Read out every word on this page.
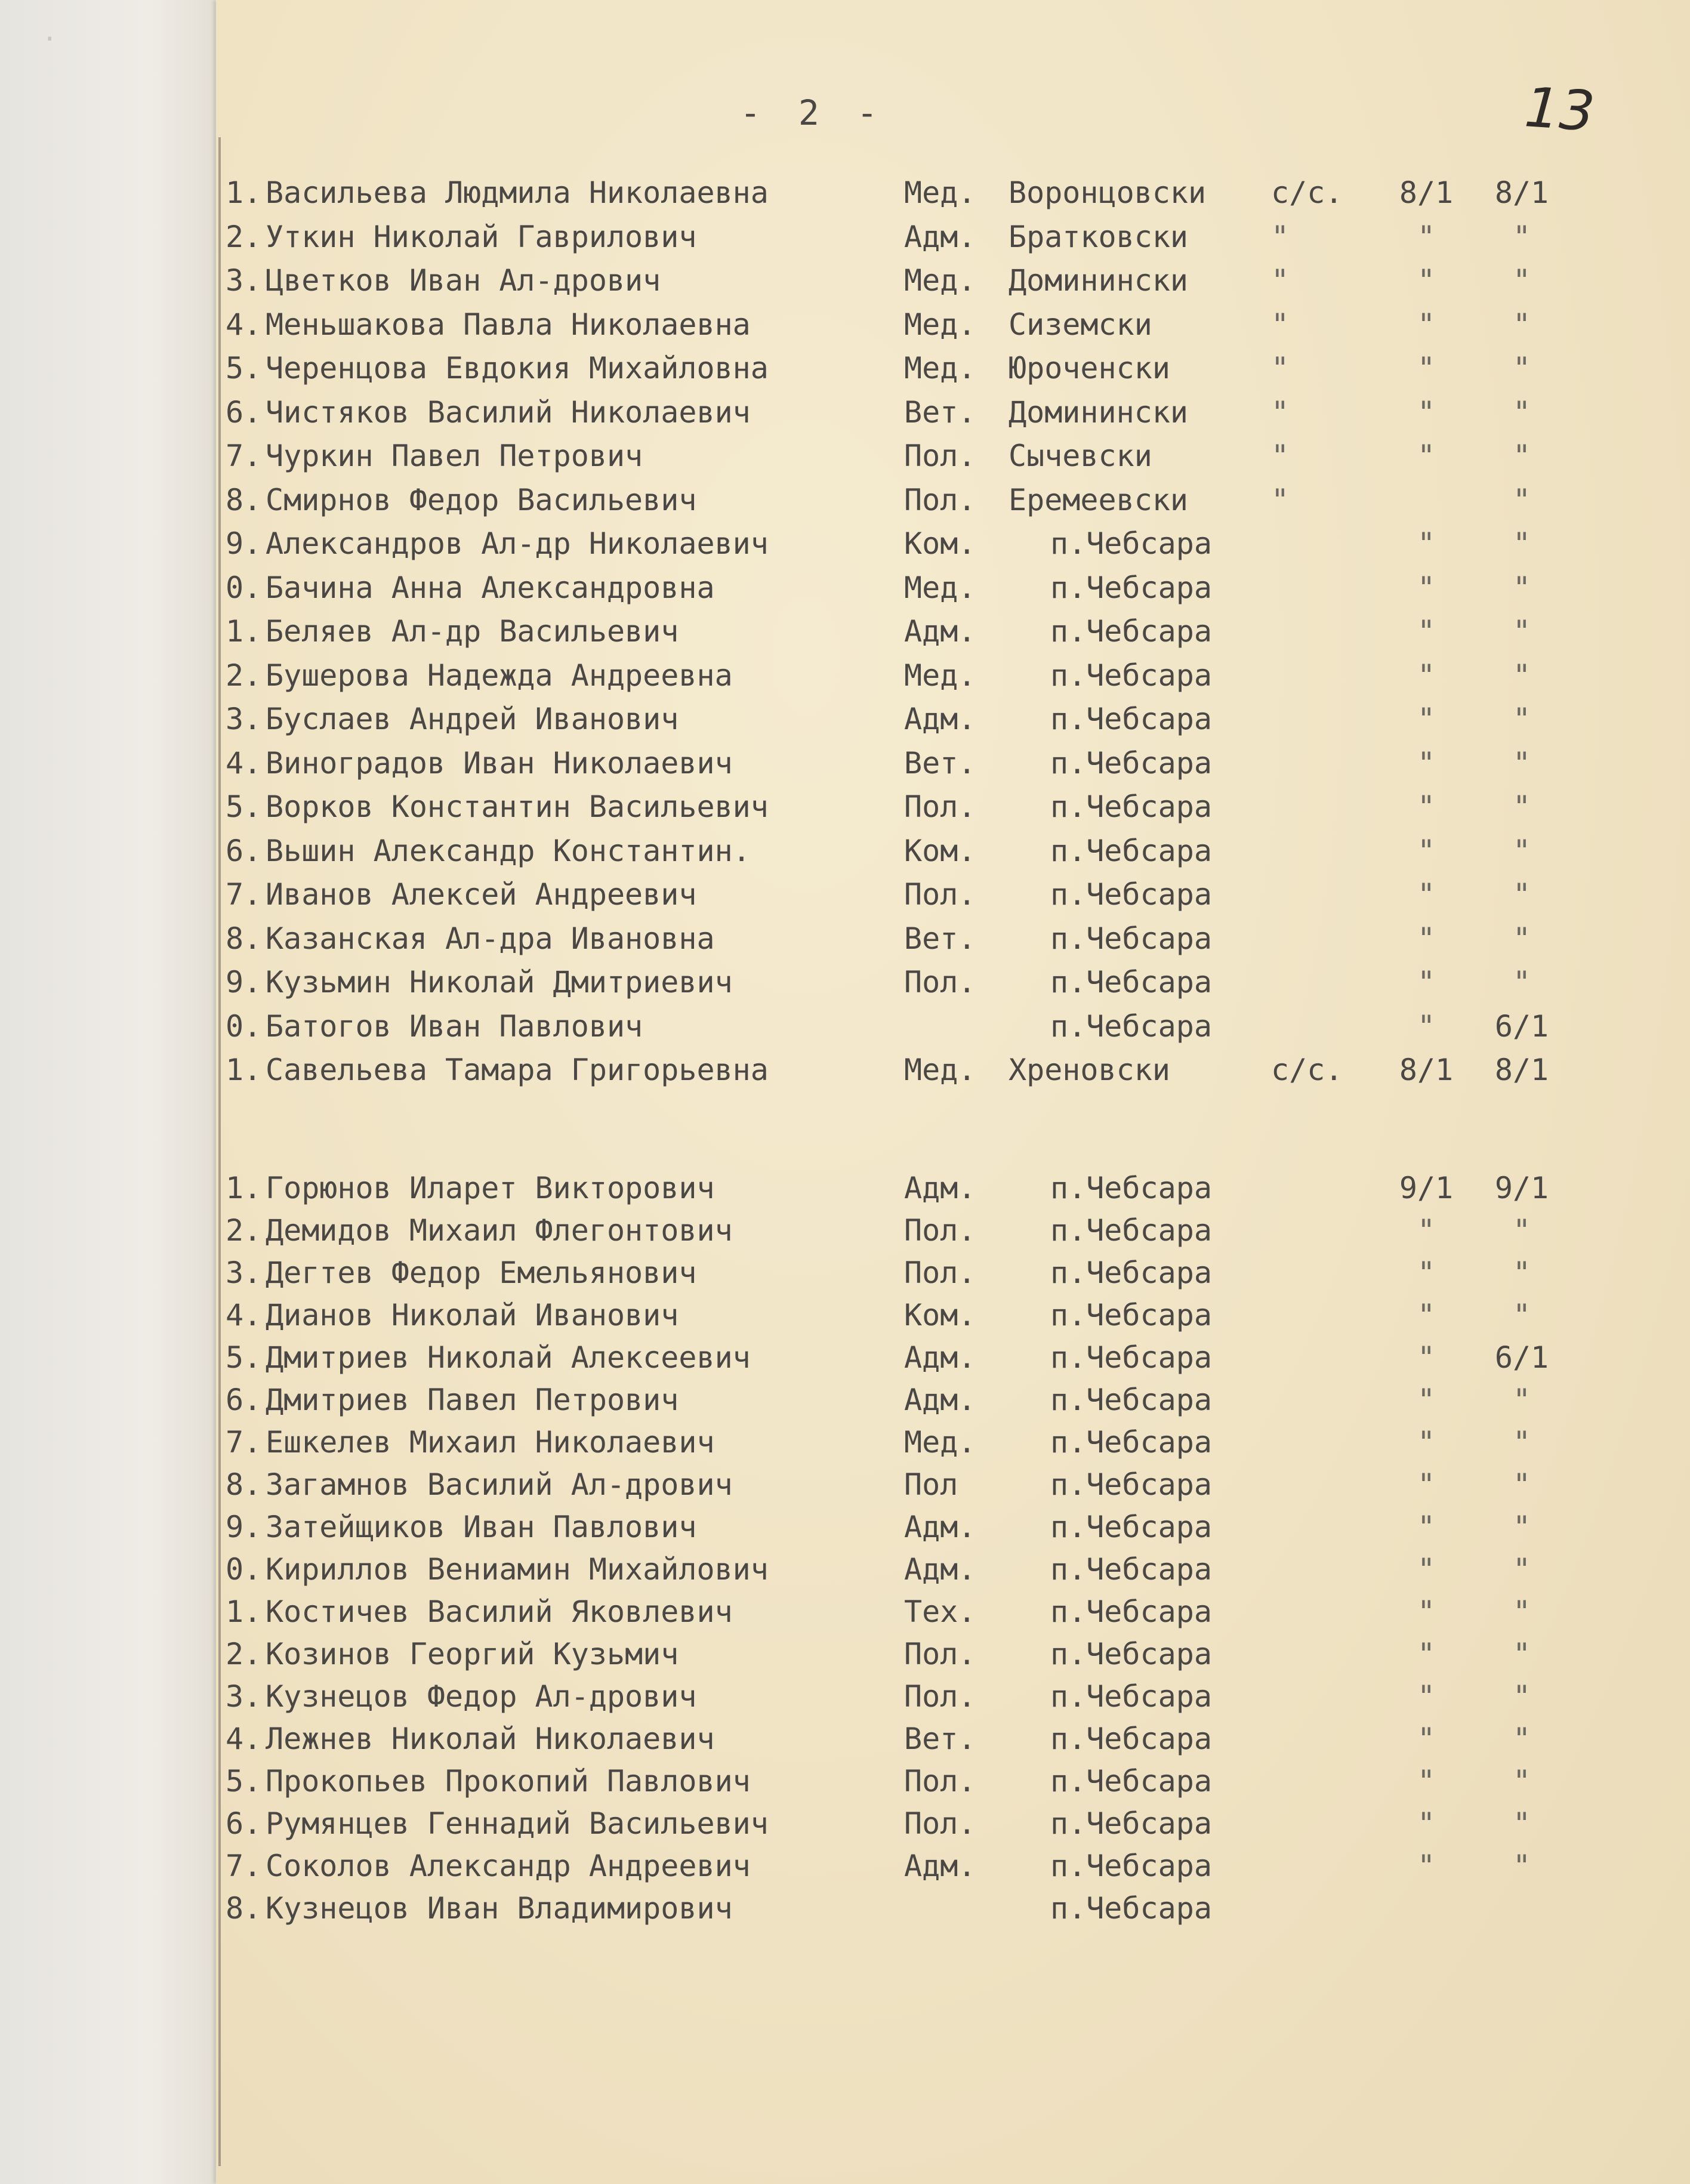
·
- 2 -	13
1. Васильева Людмила Николаевна	Мед. Воронцовски с/с. 8/1 8/1
2. Уткин Николай Гаврилович	Адм. Братковски	"	"	"
3. Цветков Иван Ал-дрович	Мед. Доминински	"	"	"
4. Меньшакова Павла Николаевна	Мед. Сиземски	"	"	"
5. Черенцова Евдокия Михайловна	Мед. Юроченски	"	"	"
6. Чистяков Василий Николаевич	Вет. Доминински	"	"	"
7. Чуркин Павел Петрович	Пол. Сычевски	"	"	"
8. Смирнов Федор Васильевич	Пол. Еремеевски	"	"
9. Александров Ал-др Николаевич	Ком. п.Чебсара	"	"
0. Бачина Анна Александровна	Мед. п.Чебсара	"	"
1. Беляев Ал-др Васильевич	Адм. п.Чебсара	"	"
2. Бушерова Надежда Андреевна	Мед. п.Чебсара	"	"
3. Буслаев Андрей Иванович	Адм. п.Чебсара	"	"
4. Виноградов Иван Николаевич	Вет. п.Чебсара	"	"
5. Ворков Константин Васильевич	Пол. п.Чебсара	"	"
6. Вьшин Александр Константин.	Ком. п.Чебсара	"	"
7. Иванов Алексей Андреевич	Пол. п.Чебсара	"	"
8. Казанская Ал-дра Ивановна	Вет. п.Чебсара	"	"
9. Кузьмин Николай Дмитриевич	Пол. п.Чебсара	"	"
0. Батогов Иван Павлович	п.Чебсара	"	6/1
1. Савельева Тамара Григорьевна	Мед. Хреновски	с/с. 8/1 8/1
1. Горюнов Иларет Викторович	Адм. п.Чебсара	9/1 9/1
2. Демидов Михаил Флегонтович	Пол. п.Чебсара	"	"
3. Дегтев Федор Емельянович	Пол. п.Чебсара	"	"
4. Дианов Николай Иванович	Ком. п.Чебсара	"	"
5. Дмитриев Николай Алексеевич	Адм. п.Чебсара	"	6/1
6. Дмитриев Павел Петрович	Адм. п.Чебсара	"	"
7. Ешкелев Михаил Николаевич	Мед. п.Чебсара	"	"
8. Загамнов Василий Ал-дрович	Пол	п.Чебсара	"	"
9. Затейщиков Иван Павлович	Адм. п.Чебсара	"	"
0. Кириллов Вениамин Михайлович	Адм. п.Чебсара	"	"
1. Костичев Василий Яковлевич	Тех. п.Чебсара	"	"
2. Козинов Георгий Кузьмич	Пол. п.Чебсара	"	"
3. Кузнецов Федор Ал-дрович	Пол. п.Чебсара	"	"
4. Лежнев Николай Николаевич	Вет. п.Чебсара	"	"
5. Прокопьев Прокопий Павлович	Пол. п.Чебсара	"	"
6. Румянцев Геннадий Васильевич	Пол. п.Чебсара	"	"
7. Соколов Александр Андреевич	Адм. п.Чебсара	"	"
8. Кузнецов Иван Владимирович	п.Чебсара
